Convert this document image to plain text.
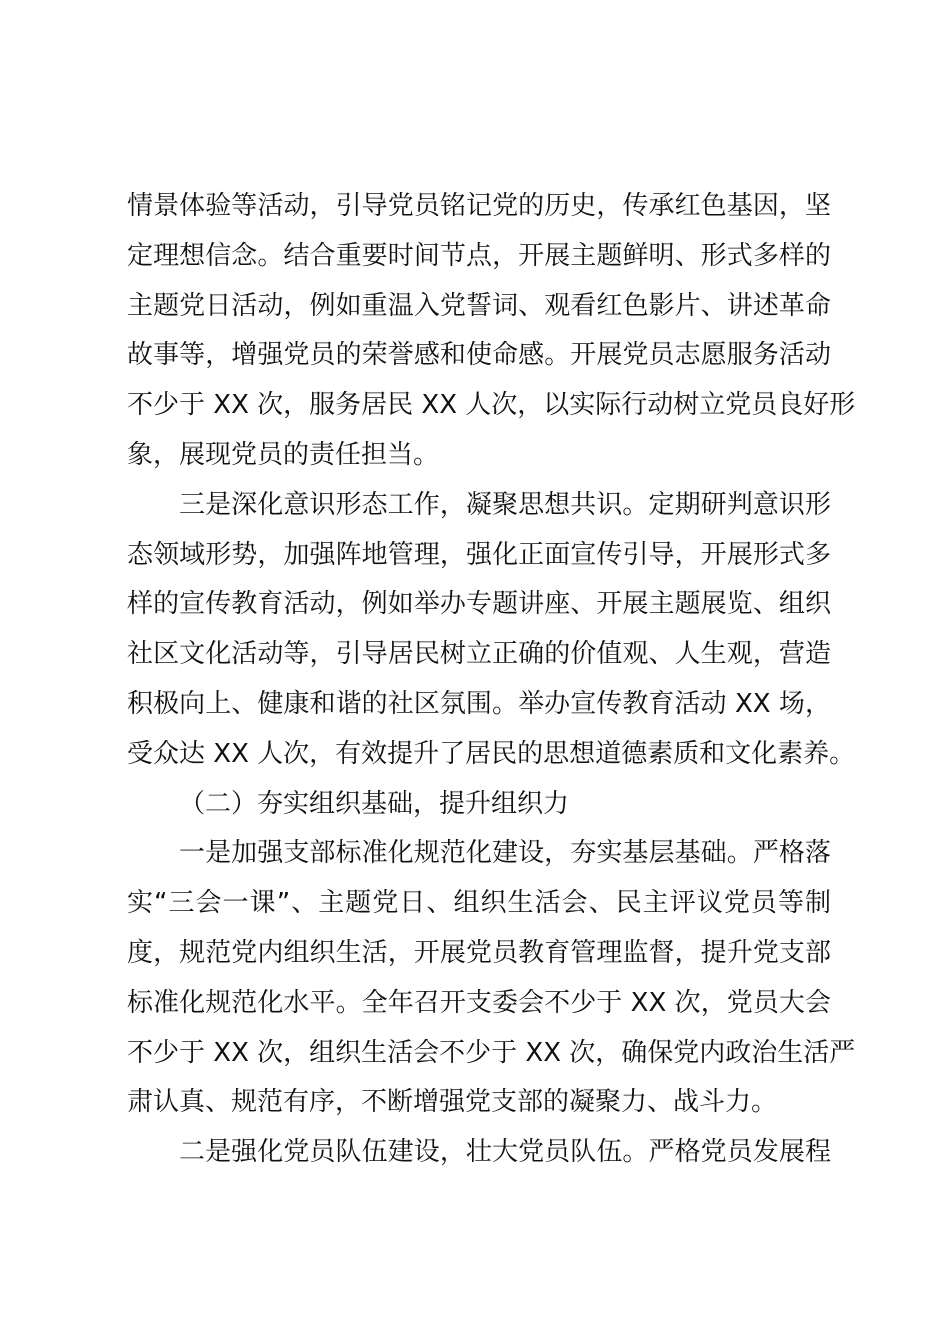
情景体验等活动，引导党员铭记党的历史，传承红色基因，坚
定理想信念。结合重要时间节点，开展主题鲜明、形式多样的
主题党日活动，例如重温入党誓词、观看红色影片、讲述革命
故事等，增强党员的荣誉感和使命感。开展党员志愿服务活动
不少于 XX 次，服务居民 XX 人次，以实际行动树立党员良好形
象，展现党员的责任担当。
三是深化意识形态工作，凝聚思想共识。定期研判意识形
态领域形势，加强阵地管理，强化正面宣传引导，开展形式多
样的宣传教育活动，例如举办专题讲座、开展主题展览、组织
社区文化活动等，引导居民树立正确的价值观、人生观，营造
积极向上、健康和谐的社区氛围。举办宣传教育活动 XX 场，
受众达 XX 人次，有效提升了居民的思想道德素质和文化素养。
（二）夯实组织基础，提升组织力
一是加强支部标准化规范化建设，夯实基层基础。严格落
实“三会一课”、主题党日、组织生活会、民主评议党员等制
度，规范党内组织生活，开展党员教育管理监督，提升党支部
标准化规范化水平。全年召开支委会不少于 XX 次，党员大会
不少于 XX 次，组织生活会不少于 XX 次，确保党内政治生活严
肃认真、规范有序，不断增强党支部的凝聚力、战斗力。
二是强化党员队伍建设，壮大党员队伍。严格党员发展程
